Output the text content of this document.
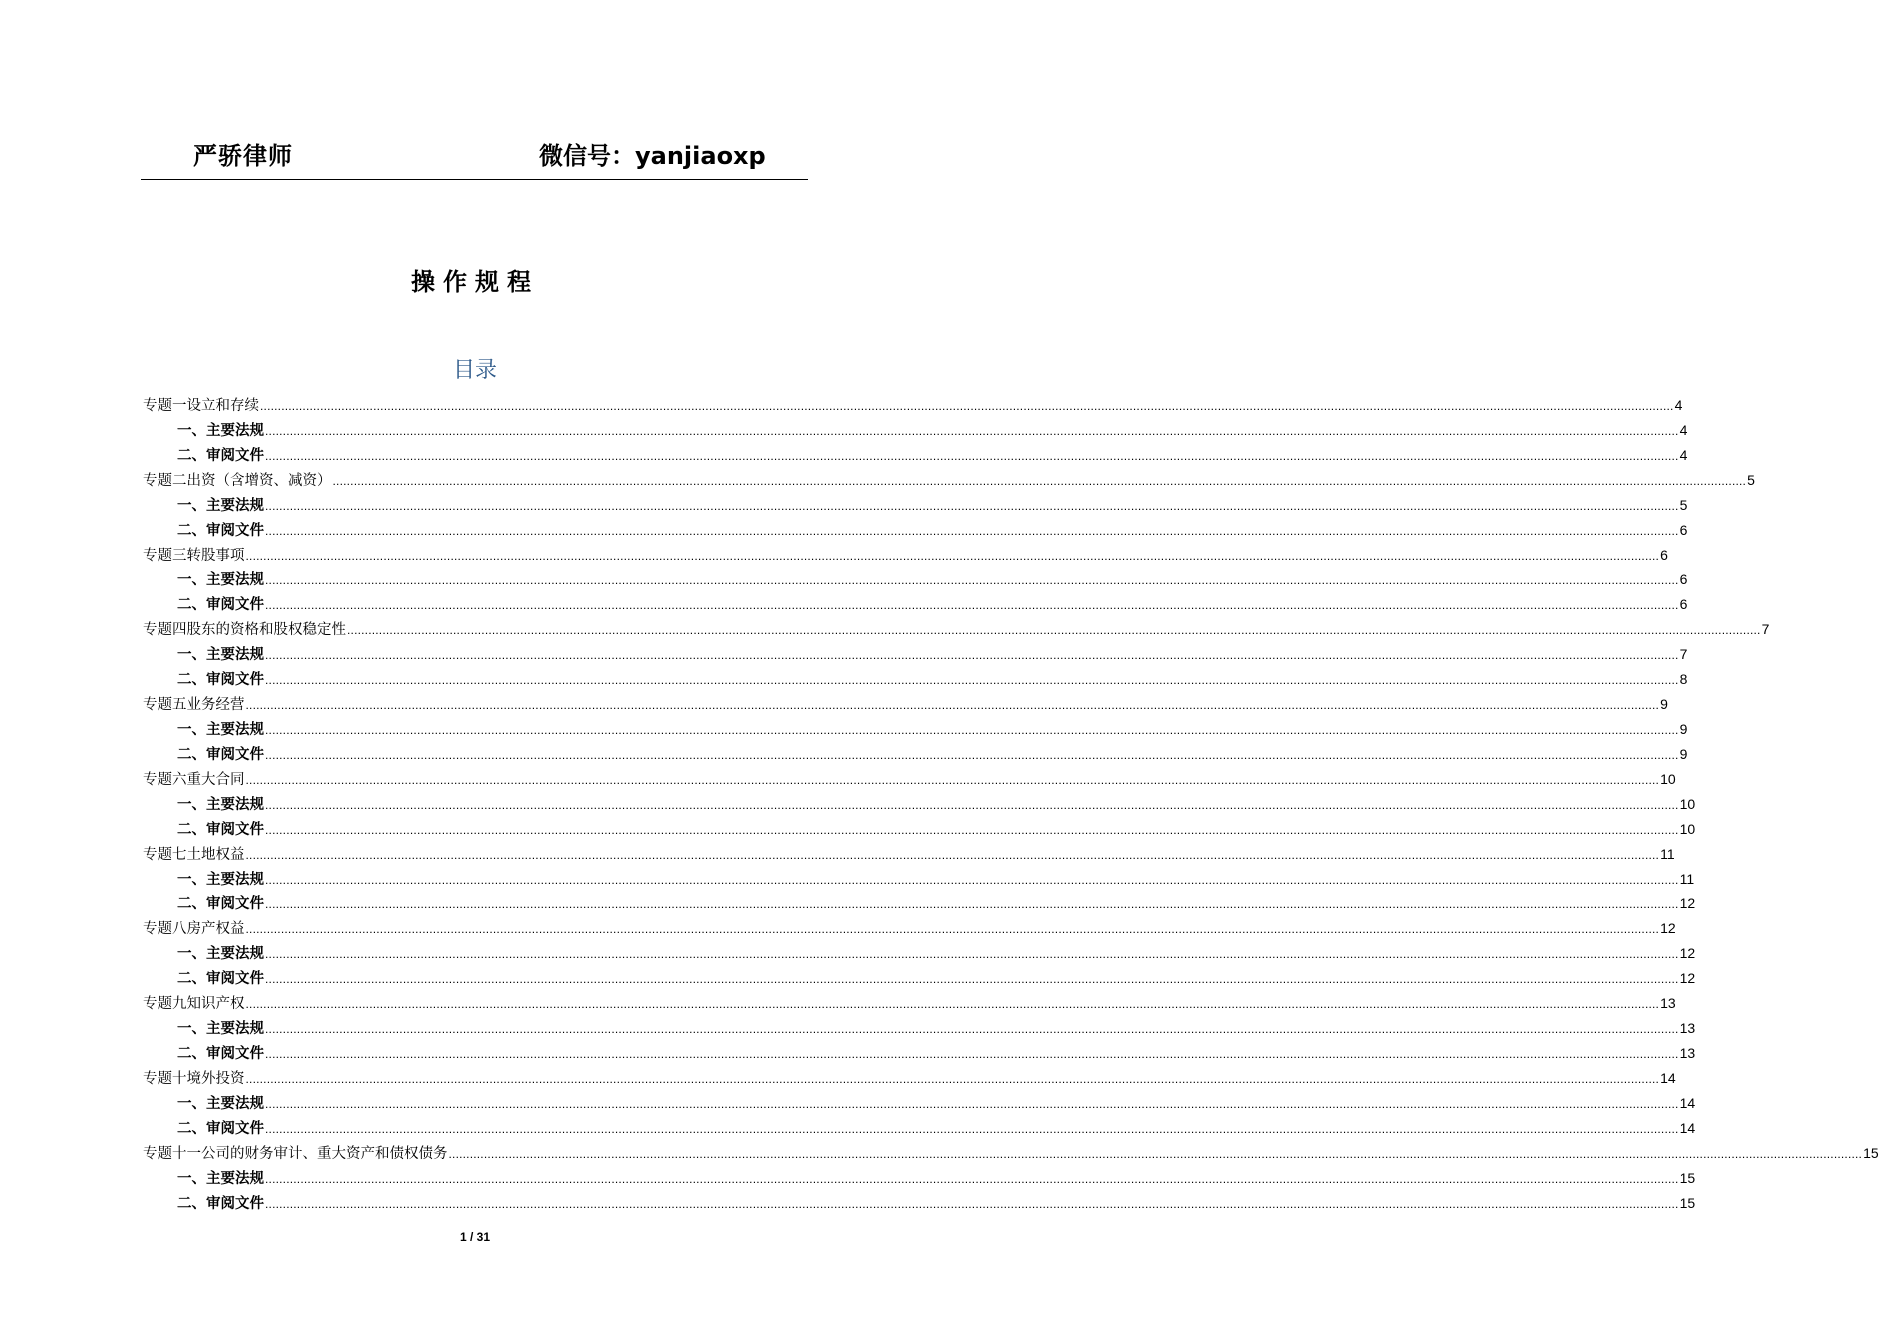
严骄律师	微信号：yanjiaoxp
操作规程
目录
专题一 设立和存续 ................................................................................................................................................................................................................................................................................................................................................................................................................ 4
一、 主要法规 ................................................................................................................................................................................................................................................................................................................................................................................................................ 4
二、 审阅文件 ................................................................................................................................................................................................................................................................................................................................................................................................................ 4
专题二 出资（含增资、减资） ................................................................................................................................................................................................................................................................................................................................................................................................................ 5
一、 主要法规 ................................................................................................................................................................................................................................................................................................................................................................................................................ 5
二、 审阅文件 ................................................................................................................................................................................................................................................................................................................................................................................................................ 6
专题三 转股事项 ................................................................................................................................................................................................................................................................................................................................................................................................................ 6
一、 主要法规 ................................................................................................................................................................................................................................................................................................................................................................................................................ 6
二、 审阅文件 ................................................................................................................................................................................................................................................................................................................................................................................................................ 6
专题四 股东的资格和股权稳定性 ................................................................................................................................................................................................................................................................................................................................................................................................................ 7
一、 主要法规 ................................................................................................................................................................................................................................................................................................................................................................................................................ 7
二、 审阅文件 ................................................................................................................................................................................................................................................................................................................................................................................................................ 8
专题五 业务经营 ................................................................................................................................................................................................................................................................................................................................................................................................................ 9
一、 主要法规 ................................................................................................................................................................................................................................................................................................................................................................................................................ 9
二、 审阅文件 ................................................................................................................................................................................................................................................................................................................................................................................................................ 9
专题六 重大合同 ................................................................................................................................................................................................................................................................................................................................................................................................................ 10
一、 主要法规 ................................................................................................................................................................................................................................................................................................................................................................................................................ 10
二、 审阅文件 ................................................................................................................................................................................................................................................................................................................................................................................................................ 10
专题七 土地权益 ................................................................................................................................................................................................................................................................................................................................................................................................................ 11
一、 主要法规 ................................................................................................................................................................................................................................................................................................................................................................................................................ 11
二、 审阅文件 ................................................................................................................................................................................................................................................................................................................................................................................................................ 12
专题八 房产权益 ................................................................................................................................................................................................................................................................................................................................................................................................................ 12
一、 主要法规 ................................................................................................................................................................................................................................................................................................................................................................................................................ 12
二、 审阅文件 ................................................................................................................................................................................................................................................................................................................................................................................................................ 12
专题九 知识产权 ................................................................................................................................................................................................................................................................................................................................................................................................................ 13
一、 主要法规 ................................................................................................................................................................................................................................................................................................................................................................................................................ 13
二、 审阅文件 ................................................................................................................................................................................................................................................................................................................................................................................................................ 13
专题十 境外投资 ................................................................................................................................................................................................................................................................................................................................................................................................................ 14
一、 主要法规 ................................................................................................................................................................................................................................................................................................................................................................................................................ 14
二、 审阅文件 ................................................................................................................................................................................................................................................................................................................................................................................................................ 14
专题十一 公司的财务审计、重大资产和债权债务 ................................................................................................................................................................................................................................................................................................................................................................................................................ 15
一、 主要法规 ................................................................................................................................................................................................................................................................................................................................................................................................................ 15
二、 审阅文件 ................................................................................................................................................................................................................................................................................................................................................................................................................ 15
1 / 31
